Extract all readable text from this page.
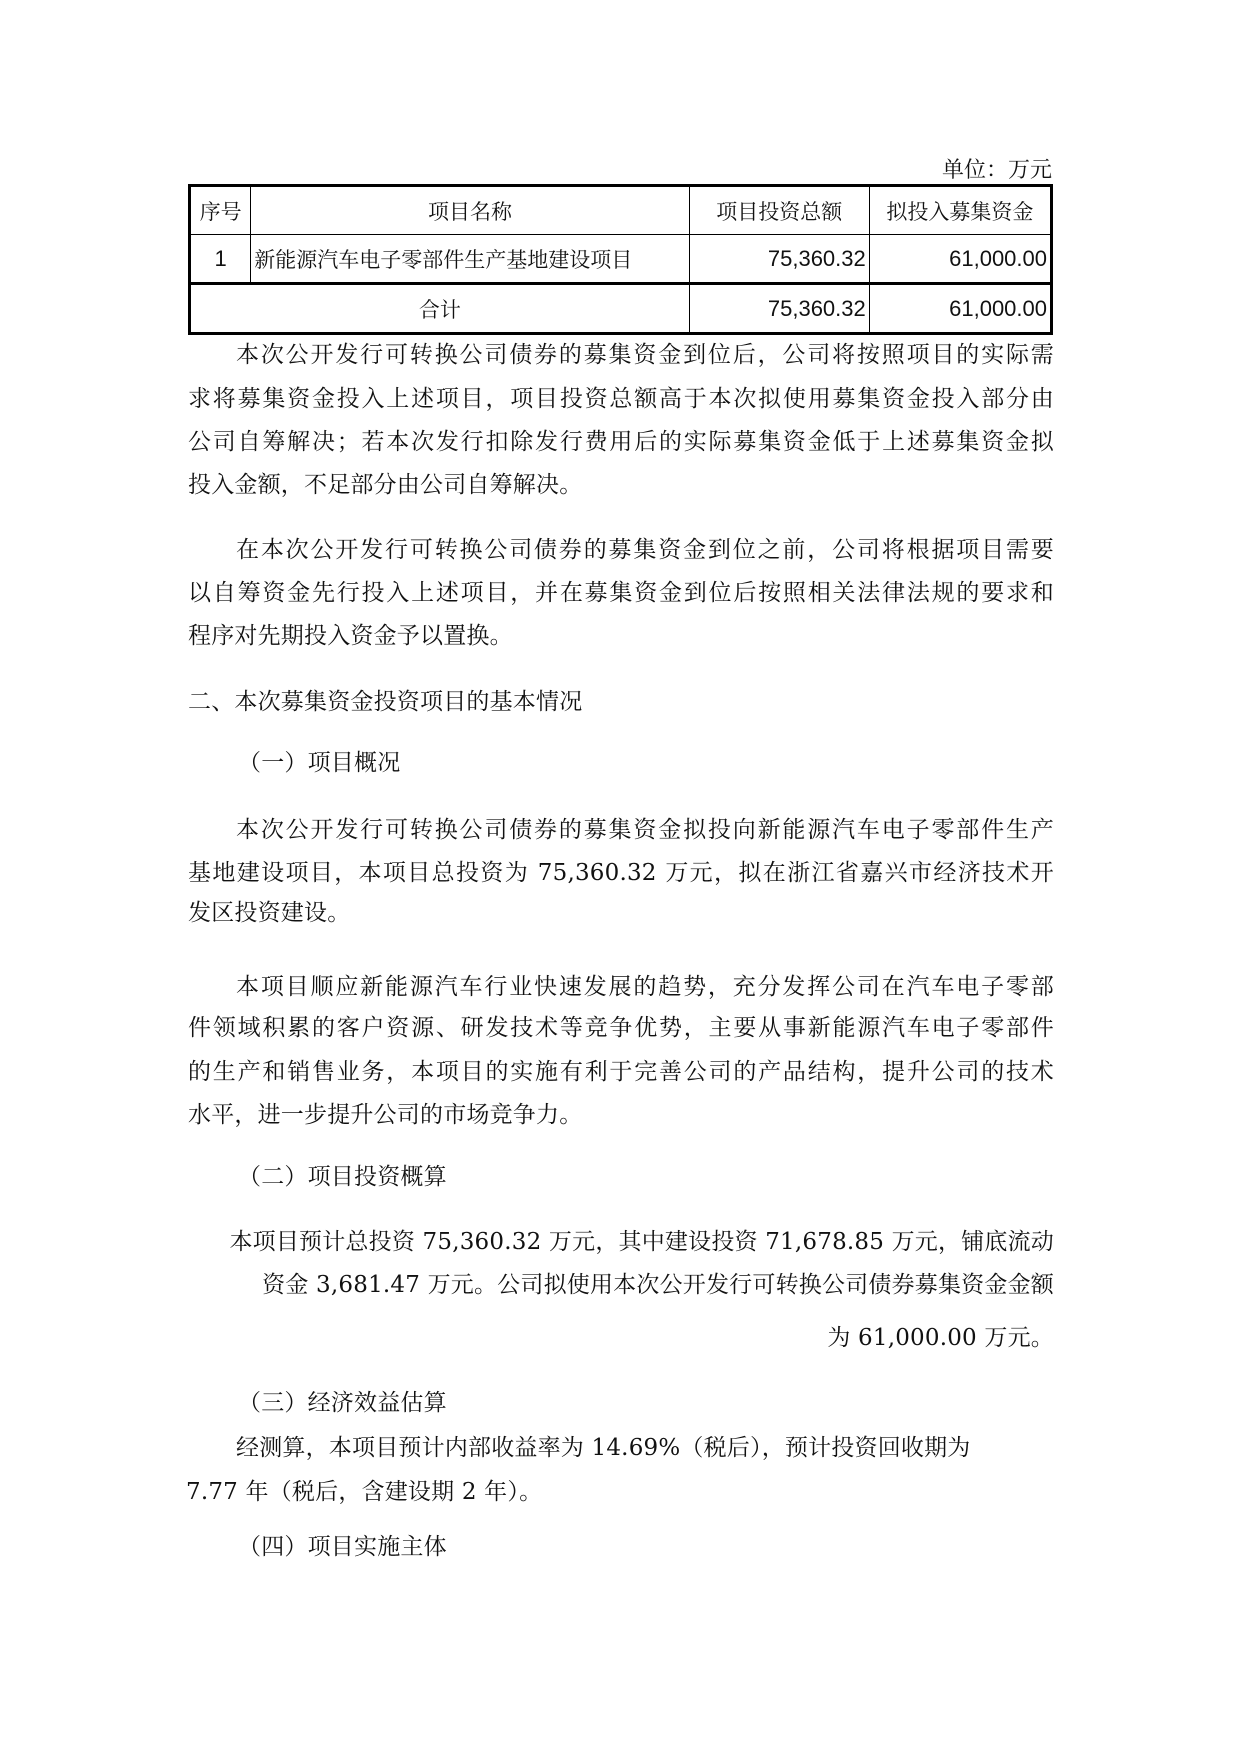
单位：万元
序号	项目名称	项目投资总额	拟投入募集资金
1	新能源汽车电子零部件生产基地建设项目	75,360.32	61,000.00
合计		75,360.32	61,000.00
本次公开发行可转换公司债券的募集资金到位后，公司将按照项目的实际需
求将募集资金投入上述项目，项目投资总额高于本次拟使用募集资金投入部分由
公司自筹解决；若本次发行扣除发行费用后的实际募集资金低于上述募集资金拟
投入金额，不足部分由公司自筹解决。
在本次公开发行可转换公司债券的募集资金到位之前，公司将根据项目需要
以自筹资金先行投入上述项目，并在募集资金到位后按照相关法律法规的要求和
程序对先期投入资金予以置换。
二、本次募集资金投资项目的基本情况
（一）项目概况
本次公开发行可转换公司债券的募集资金拟投向新能源汽车电子零部件生产
基地建设项目，本项目总投资为 75,360.32 万元，拟在浙江省嘉兴市经济技术开
发区投资建设。
本项目顺应新能源汽车行业快速发展的趋势，充分发挥公司在汽车电子零部
件领域积累的客户资源、研发技术等竞争优势，主要从事新能源汽车电子零部件
的生产和销售业务，本项目的实施有利于完善公司的产品结构，提升公司的技术
水平，进一步提升公司的市场竞争力。
（二）项目投资概算
本项目预计总投资 75,360.32 万元，其中建设投资 71,678.85 万元，铺底流动
资金 3,681.47 万元。公司拟使用本次公开发行可转换公司债券募集资金金额
为 61,000.00 万元。
（三）经济效益估算
经测算，本项目预计内部收益率为 14.69%（税后），预计投资回收期为
7.77 年（税后，含建设期 2 年）。
（四）项目实施主体
